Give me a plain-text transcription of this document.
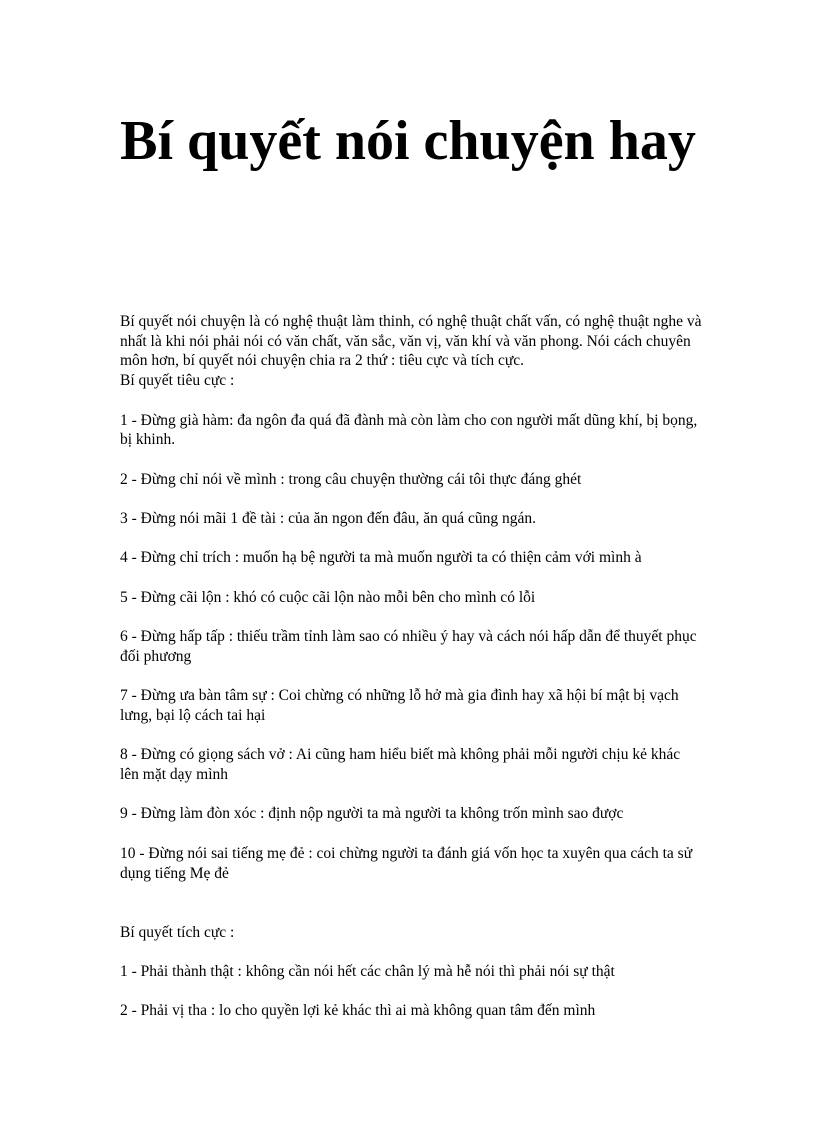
Bí quyết nói chuyện hay

Bí quyết nói chuyện là có nghệ thuật làm thinh, có nghệ thuật chất vấn, có nghệ thuật nghe và nhất là khi nói phải nói có văn chất, văn sắc, văn vị, văn khí và văn phong. Nói cách chuyên môn hơn, bí quyết nói chuyện chia ra 2 thứ : tiêu cực và tích cực.

Bí quyết tiêu cực :

1 - Đừng già hàm: đa ngôn đa quá đã đành mà còn làm cho con người mất dũng khí, bị bọng, bị khinh.

2 - Đừng chỉ nói về mình : trong câu chuyện thường cái tôi thực đáng ghét

3 - Đừng nói mãi 1 đề tài : của ăn ngon đến đâu, ăn quá cũng ngán.

4 - Đừng chỉ trích : muốn hạ bệ người ta mà muốn người ta có thiện cảm với mình à

5 - Đừng cãi lộn : khó có cuộc cãi lộn nào mỗi bên cho mình có lỗi

6 - Đừng hấp tấp : thiếu trầm tỉnh làm sao có nhiều ý hay và cách nói hấp dẫn để thuyết phục đối phương

7 - Đừng ưa bàn tâm sự : Coi chừng có những lỗ hở mà gia đình hay xã hội bí mật bị vạch lưng, bại lộ cách tai hại

8 - Đừng có giọng sách vở : Ai cũng ham hiểu biết mà không phải mỗi người chịu kẻ khác lên mặt dạy mình

9 - Đừng làm đòn xóc : định nộp người ta mà người ta không trốn mình sao được

10 - Đừng nói sai tiếng mẹ đẻ : coi chừng người ta đánh giá vốn học ta xuyên qua cách ta sử dụng tiếng Mẹ đẻ

Bí quyết tích cực :

1 - Phải thành thật : không cần nói hết các chân lý mà hễ nói thì phải nói sự thật

2 - Phải vị tha : lo cho quyền lợi kẻ khác thì ai mà không quan tâm đến mình
